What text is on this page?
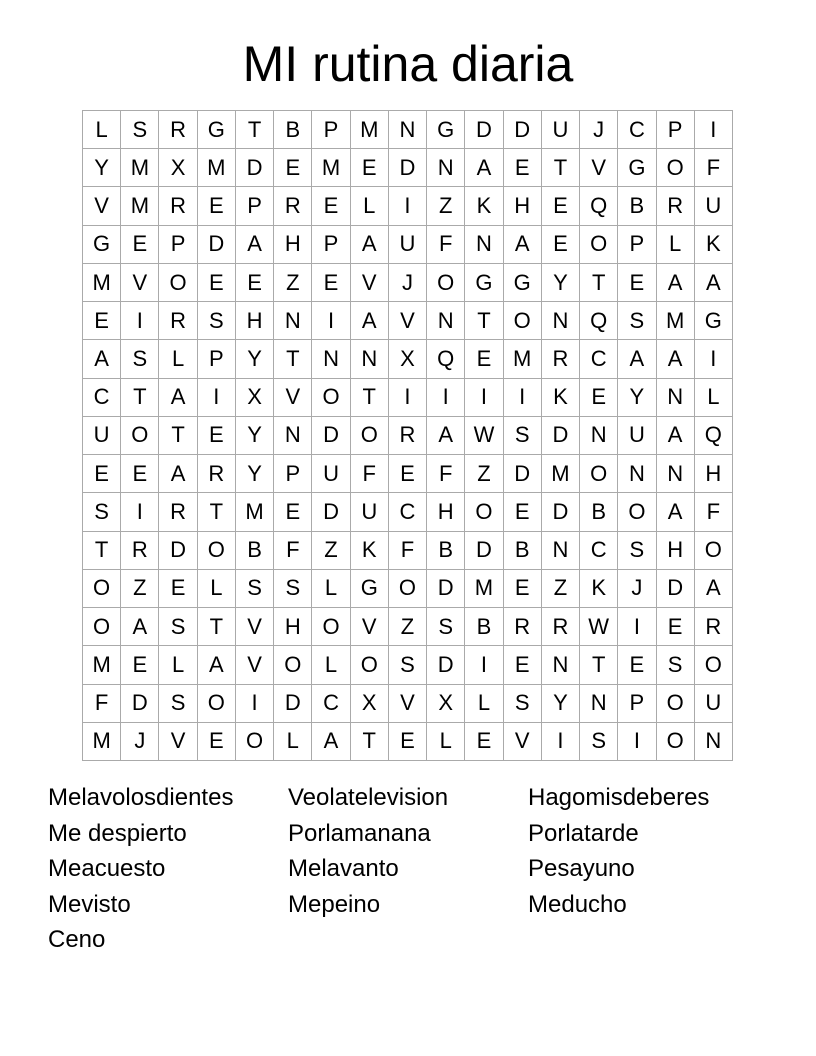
MI rutina diaria
L	S	R G	T	B	P M N G D	D	U	J	C	P	I
Y M X M D	E M E	D	N	A	E	T	V	G O	F
V M R	E	P	R	E	L	I	Z	K	H	E	Q	B	R	U
G	E	P	D	A	H	P	A	U	F	N	A	E	O	P	L	K
M V	O	E	E	Z	E	V	J	O G G	Y	T	E	A	A
E	I	R	S	H	N	I	A	V	N	T	O N Q	S M G
A	S	L	P	Y	T	N	N	X	Q	E M R	C	A	A	I
C	T	A	I	X	V	O	T	I	I	I	I	K	E	Y	N	L
U O	T	E	Y	N	D O R	A W S	D	N	U	A	Q
E	E	A	R	Y	P	U	F	E	F	Z	D M O N	N	H
S	I	R	T	M E	D	U	C	H O	E	D	B	O	A	F
T	R	D O	B	F	Z	K	F	B	D	B	N	C	S	H O
O	Z	E	L	S	S	L	G O D M E	Z	K	J	D	A
O	A	S	T	V	H O	V	Z	S	B	R	R W	I	E	R
M E	L	A	V	O	L	O	S	D	I	E	N	T	E	S	O
F	D	S	O	I	D	C	X	V	X	L	S	Y	N	P	O U
M	J	V	E	O	L	A	T	E	L	E	V	I	S	I	O N
Melavolosdientes	Veolatelevision	Hagomisdeberes
Me despierto	Porlamanana	Porlatarde
Meacuesto	Melavanto	Pesayuno
Mevisto	Mepeino	Meducho
Ceno
